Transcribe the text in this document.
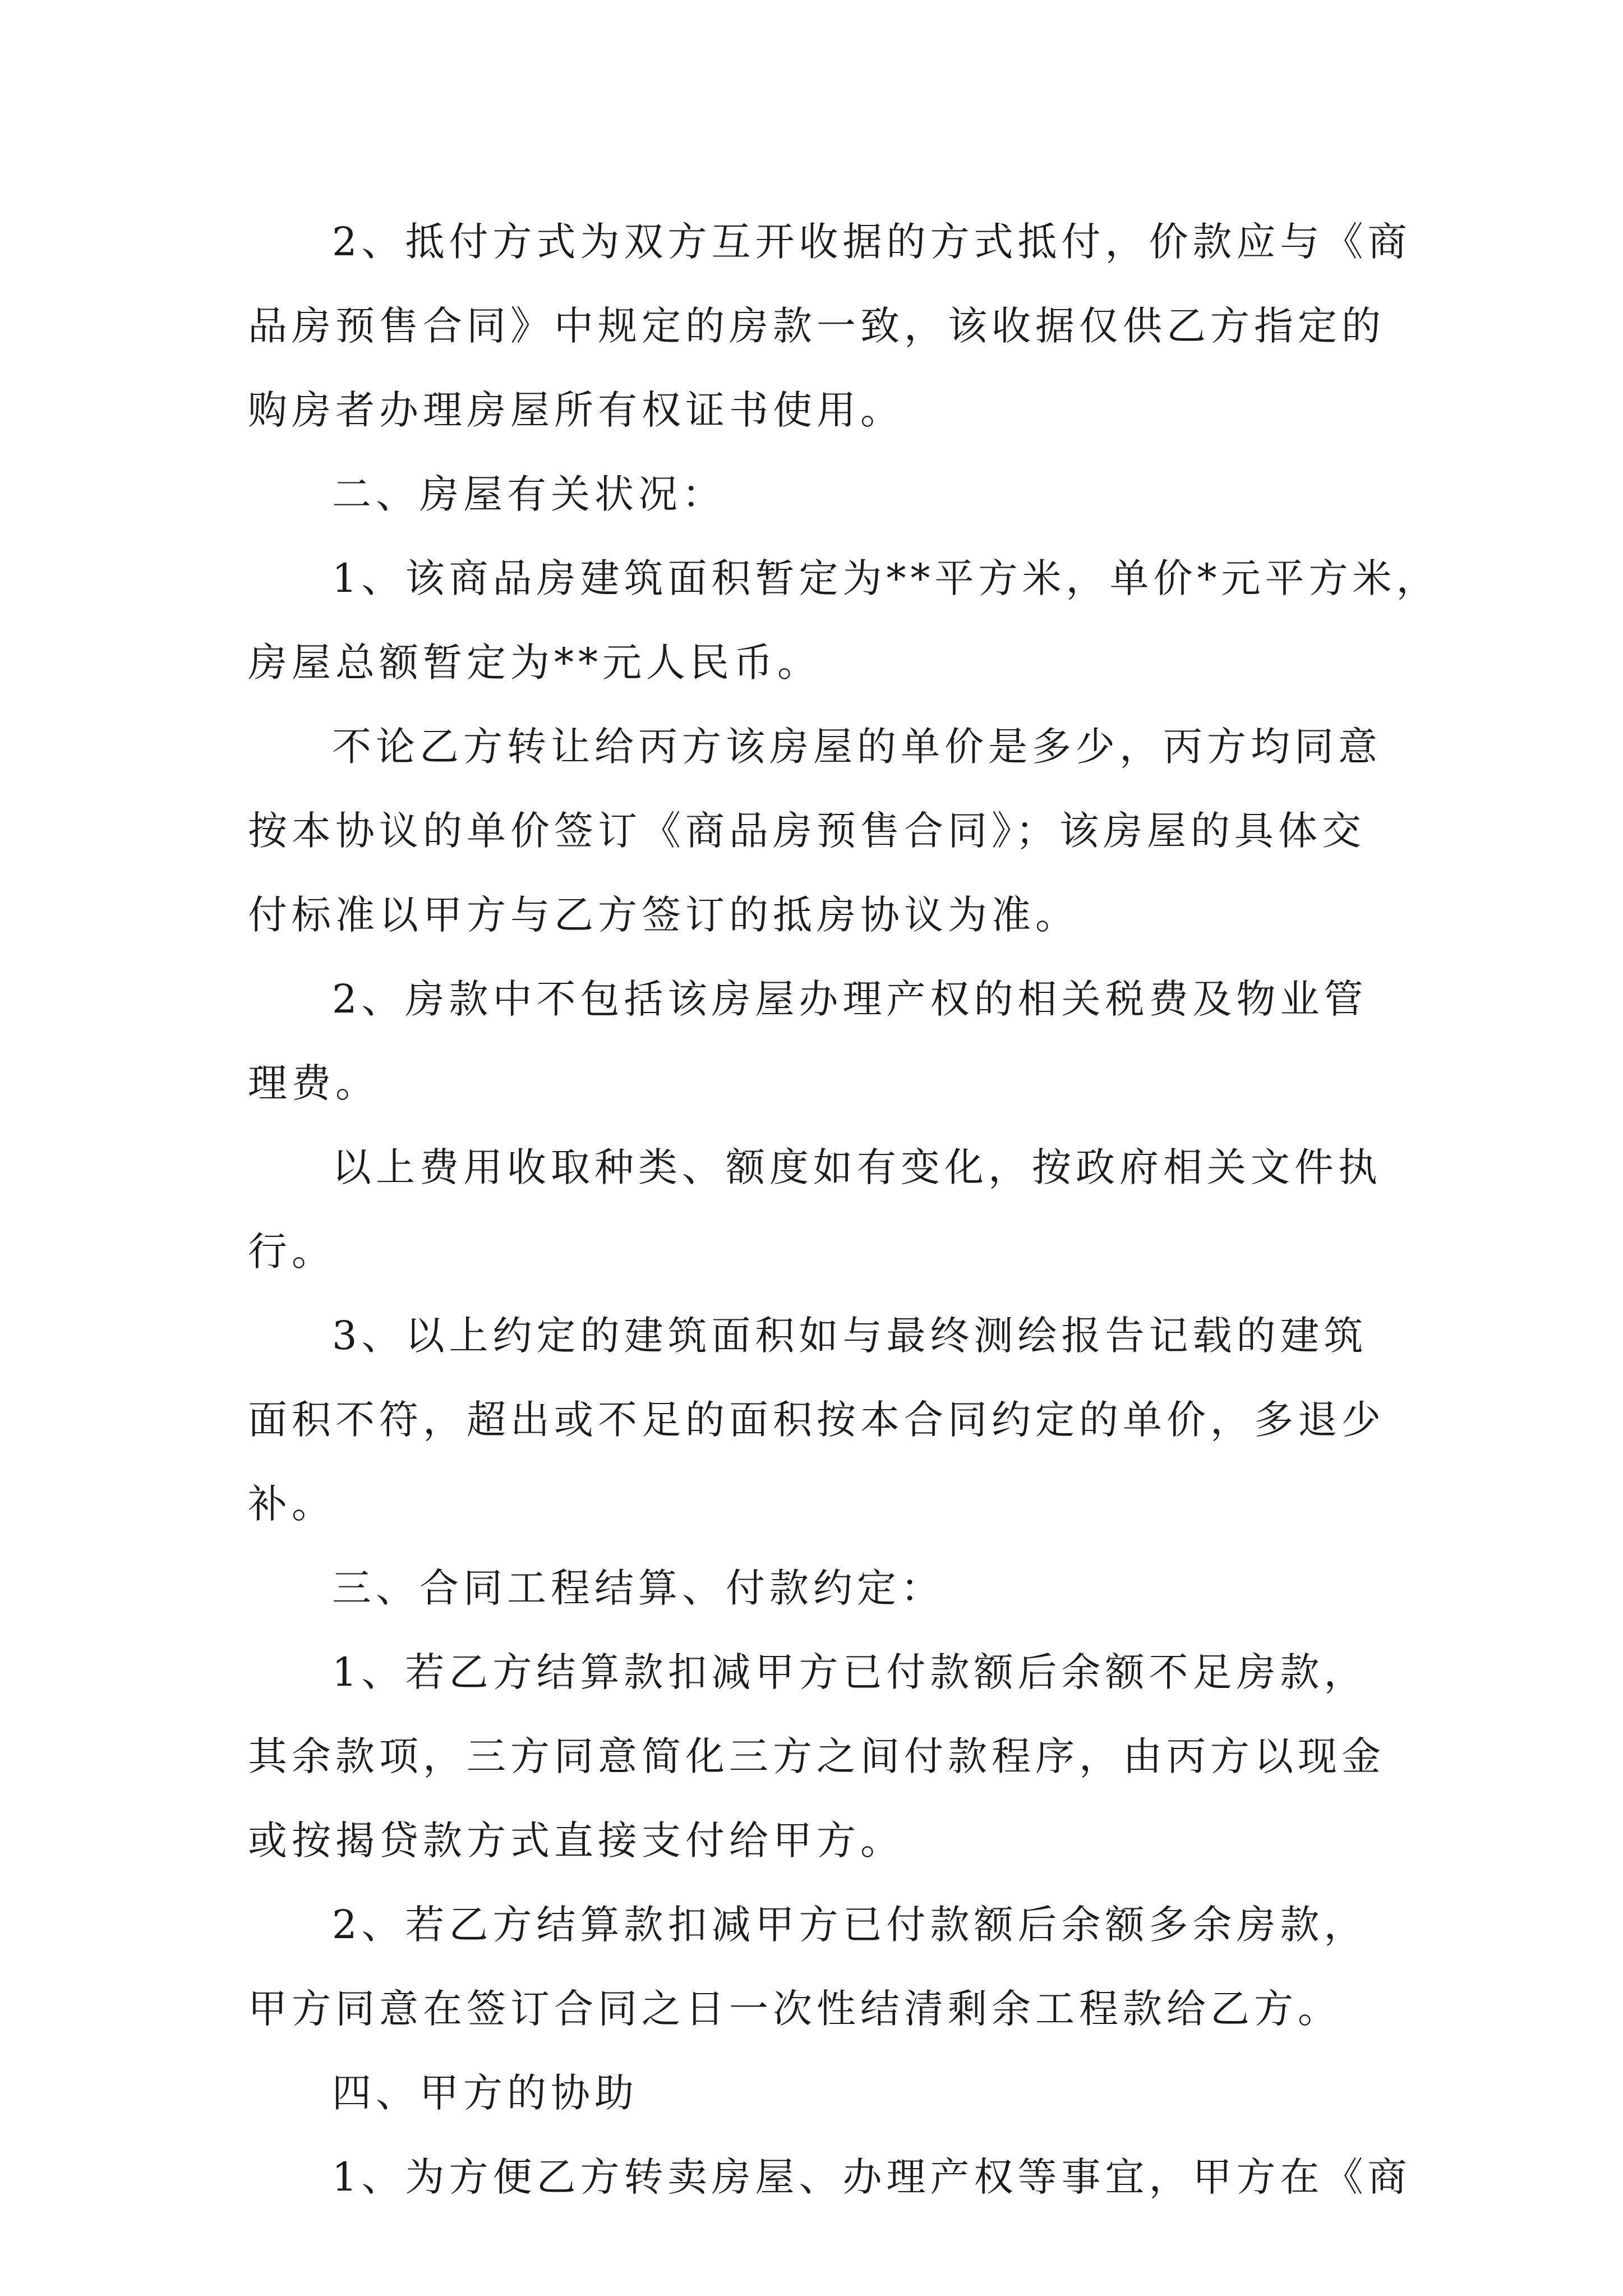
2、抵付方式为双方互开收据的方式抵付，价款应与《商

品房预售合同》中规定的房款一致，该收据仅供乙方指定的

购房者办理房屋所有权证书使用。

二、房屋有关状况：

1、该商品房建筑面积暂定为**平方米，单价*元平方米，

房屋总额暂定为**元人民币。

不论乙方转让给丙方该房屋的单价是多少，丙方均同意

按本协议的单价签订《商品房预售合同》；该房屋的具体交

付标准以甲方与乙方签订的抵房协议为准。

2、房款中不包括该房屋办理产权的相关税费及物业管

理费。

以上费用收取种类、额度如有变化，按政府相关文件执

行。

3、以上约定的建筑面积如与最终测绘报告记载的建筑

面积不符，超出或不足的面积按本合同约定的单价，多退少

补。

三、合同工程结算、付款约定：

1、若乙方结算款扣减甲方已付款额后余额不足房款，

其余款项，三方同意简化三方之间付款程序，由丙方以现金

或按揭贷款方式直接支付给甲方。

2、若乙方结算款扣减甲方已付款额后余额多余房款，

甲方同意在签订合同之日一次性结清剩余工程款给乙方。

四、甲方的协助

1、为方便乙方转卖房屋、办理产权等事宜，甲方在《商
